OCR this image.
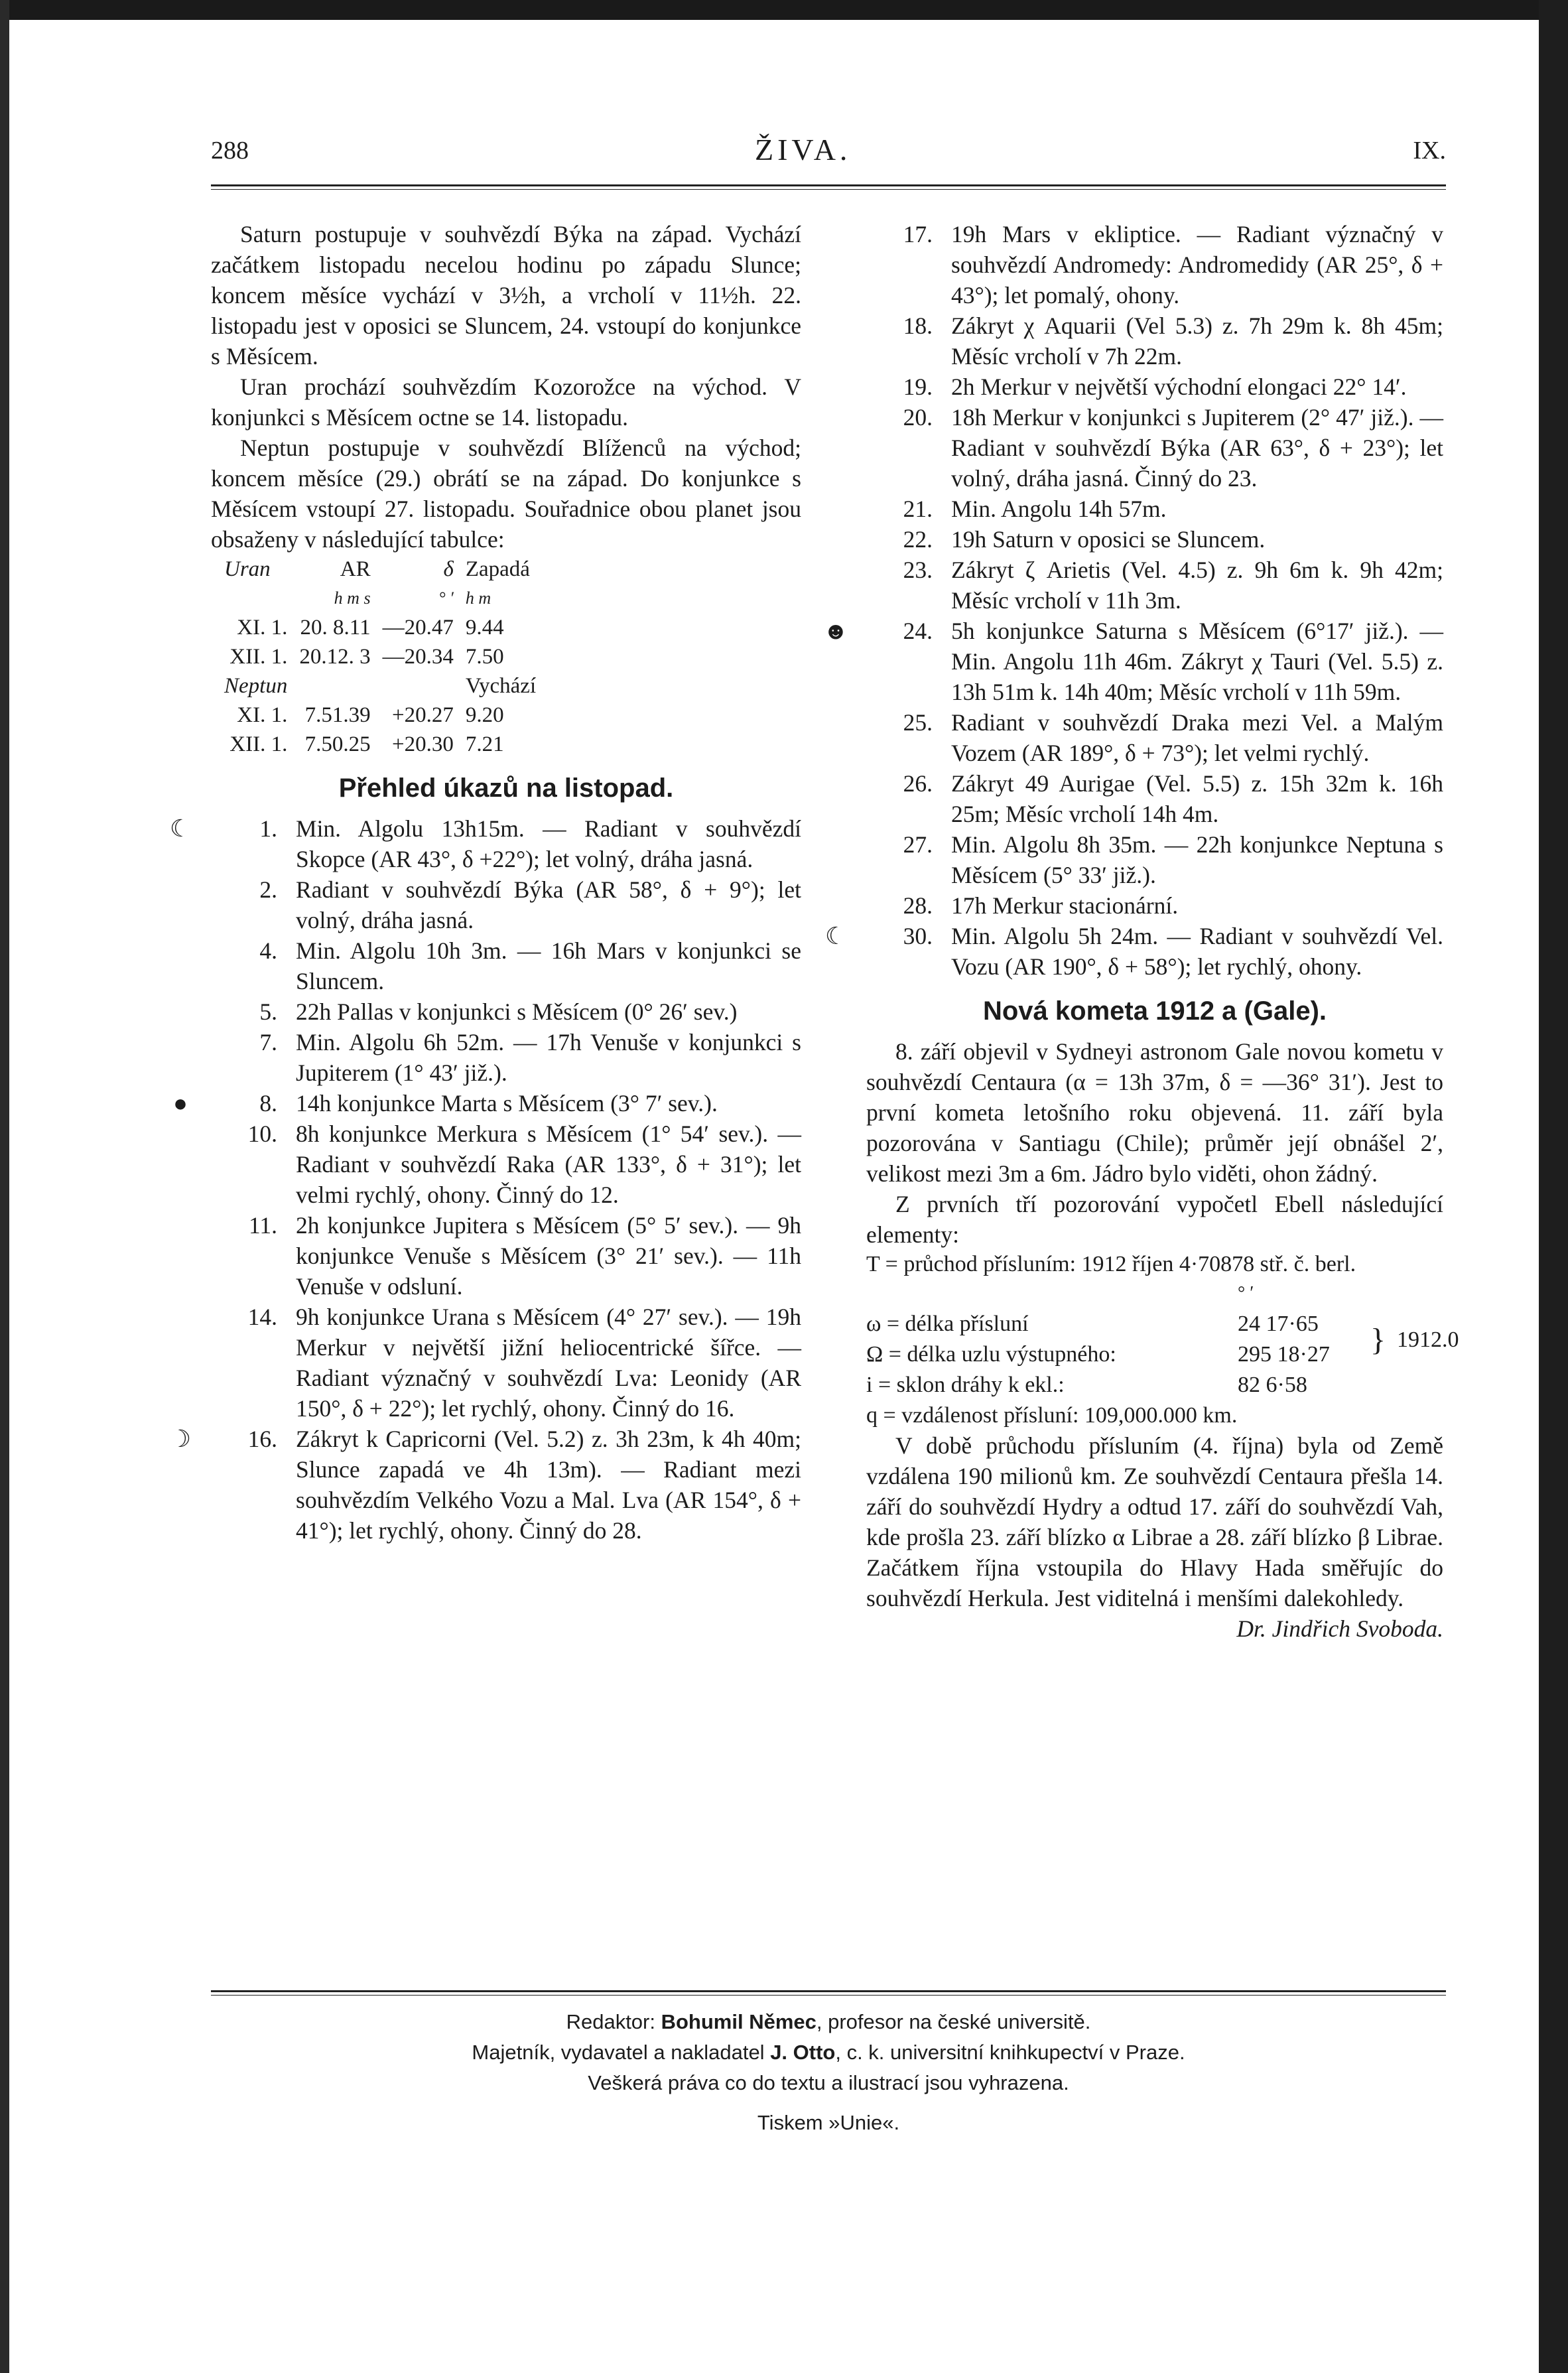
288	ŽIVA.	IX.

Saturn postupuje v souhvězdí Býka na západ. Vychází začátkem listopadu necelou hodinu po západu Slunce; koncem měsíce vychází v 3½h, a vrcholí v 11½h. 22. listopadu jest v oposici se Sluncem, 24. vstoupí do konjunkce s Měsícem.

Uran prochází souhvězdím Kozorožce na východ. V konjunkci s Měsícem octne se 14. listopadu.

Neptun postupuje v souhvězdí Blíženců na východ; koncem měsíce (29.) obrátí se na západ. Do konjunkce s Měsícem vstoupí 27. listopadu. Souřadnice obou planet jsou obsaženy v následující tabulce:

Uran	AR	δ	Zapadá
	h m s	° ′	h m
XI. 1.	20. 8.11	—20.47	9.44
XII. 1.	20.12. 3	—20.34	7.50
Neptun			Vychází
XI. 1.	7.51.39	+20.27	9.20
XII. 1.	7.50.25	+20.30	7.21
Přehled úkazů na listopad.
☾	1. Min. Algolu 13h15m. — Radiant v souhvězdí Skopce (AR 43°, δ +22°); let volný, dráha jasná.
2. Radiant v souhvězdí Býka (AR 58°, δ + 9°); let volný, dráha jasná.
4. Min. Algolu 10h 3m. — 16h Mars v konjunkci se Sluncem.
5. 22h Pallas v konjunkci s Měsícem (0° 26′ sev.)
7. Min. Algolu 6h 52m. — 17h Venuše v konjunkci s Jupiterem (1° 43′ již.).
●	8. 14h konjunkce Marta s Měsícem (3° 7′ sev.).
10. 8h konjunkce Merkura s Měsícem (1° 54′ sev.). — Radiant v souhvězdí Raka (AR 133°, δ + 31°); let velmi rychlý, ohony. Činný do 12.
11. 2h konjunkce Jupitera s Měsícem (5° 5′ sev.). — 9h konjunkce Venuše s Měsícem (3° 21′ sev.). — 11h Venuše v odsluní.
14. 9h konjunkce Urana s Měsícem (4° 27′ sev.). — 19h Merkur v největší jižní heliocentrické šířce. — Radiant význačný v souhvězdí Lva: Leonidy (AR 150°, δ + 22°); let rychlý, ohony. Činný do 16.
☽	16. Zákryt k Capricorni (Vel. 5.2) z. 3h 23m, k 4h 40m; Slunce zapadá ve 4h 13m). — Radiant mezi souhvězdím Velkého Vozu a Mal. Lva (AR 154°, δ + 41°); let rychlý, ohony. Činný do 28.
17. 19h Mars v ekliptice. — Radiant význačný v souhvězdí Andromedy: Andromedidy (AR 25°, δ + 43°); let pomalý, ohony.
18. Zákryt χ Aquarii (Vel 5.3) z. 7h 29m k. 8h 45m; Měsíc vrcholí v 7h 22m.
19. 2h Merkur v největší východní elongaci 22° 14′.
20. 18h Merkur v konjunkci s Jupiterem (2° 47′ již.). — Radiant v souhvězdí Býka (AR 63°, δ + 23°); let volný, dráha jasná. Činný do 23.
21. Min. Angolu 14h 57m.
22. 19h Saturn v oposici se Sluncem.
23. Zákryt ζ Arietis (Vel. 4.5) z. 9h 6m k. 9h 42m; Měsíc vrcholí v 11h 3m.
☻	24. 5h konjunkce Saturna s Měsícem (6°17′ již.). — Min. Angolu 11h 46m. Zákryt χ Tauri (Vel. 5.5) z. 13h 51m k. 14h 40m; Měsíc vrcholí v 11h 59m.
25. Radiant v souhvězdí Draka mezi Vel. a Malým Vozem (AR 189°, δ + 73°); let velmi rychlý.
26. Zákryt 49 Aurigae (Vel. 5.5) z. 15h 32m k. 16h 25m; Měsíc vrcholí 14h 4m.
27. Min. Algolu 8h 35m. — 22h konjunkce Neptuna s Měsícem (5° 33′ již.).
28. 17h Merkur stacionární.
☾	30. Min. Algolu 5h 24m. — Radiant v souhvězdí Vel. Vozu (AR 190°, δ + 58°); let rychlý, ohony.
Nová kometa 1912 a (Gale).

8. září objevil v Sydneyi astronom Gale novou kometu v souhvězdí Centaura (α = 13h 37m, δ = —36° 31′). Jest to první kometa letošního roku objevená. 11. září byla pozorována v Santiagu (Chile); průměr její obnášel 2′, velikost mezi 3m a 6m. Jádro bylo viděti, ohon žádný.

Z prvních tří pozorování vypočetl Ebell následující elementy:

T = průchod přísluním: 1912 říjen 4·70878 stř. č. berl.

° ′
ω = délka přísluní	24 17·65 } 1912.0
Ω = délka uzlu výstupného:	295 18·27
i = sklon dráhy k ekl.:	82 6·58

q = vzdálenost přísluní: 109,000.000 km.

V době průchodu přísluním (4. října) byla od Země vzdálena 190 milionů km. Ze souhvězdí Centaura přešla 14. září do souhvězdí Hydry a odtud 17. září do souhvězdí Vah, kde prošla 23. září blízko α Librae a 28. září blízko β Librae. Začátkem října vstoupila do Hlavy Hada směřujíc do souhvězdí Herkula. Jest viditelná i menšími dalekohledy.
Dr. Jindřich Svoboda.

Redaktor: Bohumil Němec, profesor na české universitě.
Majetník, vydavatel a nakladatel J. Otto, c. k. universitní knihkupectví v Praze.
Veškerá práva co do textu a ilustrací jsou vyhrazena.
Tiskem »Unie«.
